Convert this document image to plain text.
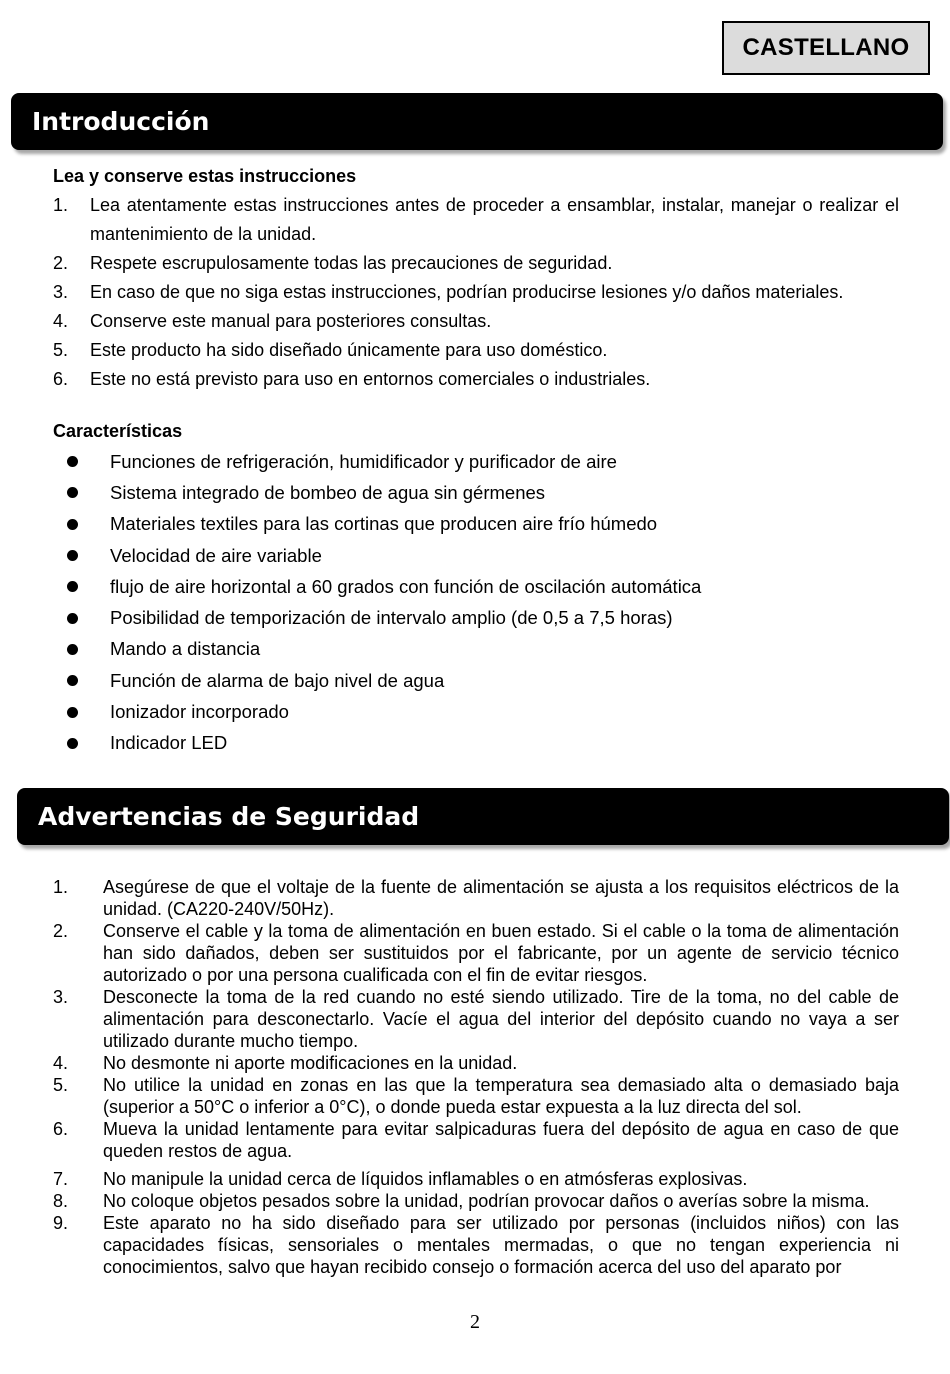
CASTELLANO
Introducción
Lea y conserve estas instrucciones
1.	Lea atentamente estas instrucciones antes de proceder a ensamblar, instalar, manejar o realizar el mantenimiento de la unidad.
2.	Respete escrupulosamente todas las precauciones de seguridad.
3.	En caso de que no siga estas instrucciones, podrían producirse lesiones y/o daños materiales.
4.	Conserve este manual para posteriores consultas.
5.	Este producto ha sido diseñado únicamente para uso doméstico.
6.	Este no está previsto para uso en entornos comerciales o industriales.
Características
Funciones de refrigeración, humidificador y purificador de aire
Sistema integrado de bombeo de agua sin gérmenes
Materiales textiles para las cortinas que producen aire frío húmedo
Velocidad de aire variable
flujo de aire horizontal a 60 grados con función de oscilación automática
Posibilidad de temporización de intervalo amplio (de 0,5 a 7,5 horas)
Mando a distancia
Función de alarma de bajo nivel de agua
Ionizador incorporado
Indicador LED
Advertencias de Seguridad
1.	Asegúrese de que el voltaje de la fuente de alimentación se ajusta a los requisitos eléctricos de la unidad. (CA220-240V/50Hz).
2.	Conserve el cable y la toma de alimentación en buen estado. Si el cable o la toma de alimentación han sido dañados, deben ser sustituidos por el fabricante, por un agente de servicio técnico autorizado o por una persona cualificada con el fin de evitar riesgos.
3.	Desconecte la toma de la red cuando no esté siendo utilizado. Tire de la toma, no del cable de alimentación para desconectarlo. Vacíe el agua del interior del depósito cuando no vaya a ser utilizado durante mucho tiempo.
4.	No desmonte ni aporte modificaciones en la unidad.
5.	No utilice la unidad en zonas en las que la temperatura sea demasiado alta o demasiado baja (superior a 50°C o inferior a 0°C), o donde pueda estar expuesta a la luz directa del sol.
6.	Mueva la unidad lentamente para evitar salpicaduras fuera del depósito de agua en caso de que queden restos de agua.
7.	No manipule la unidad cerca de líquidos inflamables o en atmósferas explosivas.
8.	No coloque objetos pesados sobre la unidad, podrían provocar daños o averías sobre la misma.
9.	Este aparato no ha sido diseñado para ser utilizado por personas (incluidos niños) con las capacidades físicas, sensoriales o mentales mermadas, o que no tengan experiencia ni conocimientos, salvo que hayan recibido consejo o formación acerca del uso del aparato por
2
